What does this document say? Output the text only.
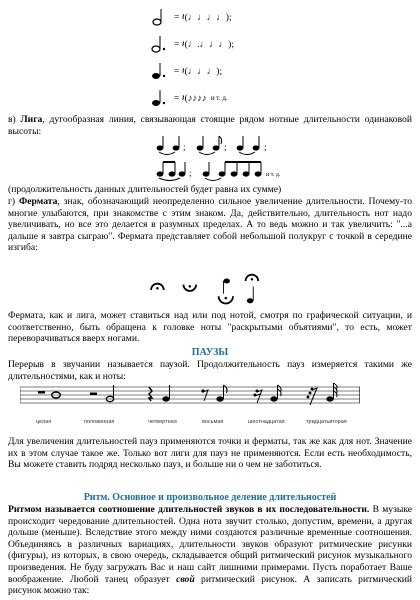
= 𝄽(♩♩♩♩);
= 𝄽(♩.♩♩♩);
= 𝄽(♩♩♩);
= 𝄽(♪♪♪♪ и т. д.

в) Лига, дугообразная линия, связывающая стоящие рядом нотные длительности одинаковой высоты:

;	;	;
;	и т. д.

(продолжительность данных длительностей будет равна их сумме)

г) Фермата, знак, обозначающий неопределенно сильное увеличение длительности. Почему-то многие улыбаются, при знакомстве с этим знаком. Да, действительно, длительность нот надо увеличивать, но все это делается в разумных пределах. А то ведь можно и так увеличить: "...а дальше я завтра сыграю". Фермата представляет собой небольшой полукруг с точкой в середине изгиба:

Фермата, как и лига, может ставиться над или под нотой, смотря по графической ситуации, и соответственно, быть обращена к головке ноты "раскрытыми объятиями", то есть, может переворачиваться вверх ногами.

ПАУЗЫ

Перерыв в звучании называется паузой. Продолжительность пауз измеряется такими же длительностями, как и ноты:

целая	половинная	четвертная	восьмая	шестнадцатая	тридцатьвторая

Для увеличения длительностей пауз применяются точки и ферматы, так же как для нот. Значение их в этом случае такое же. Только вот лиги для пауз не применяются. Если есть необходимость, Вы можете ставить подряд несколько пауз, и больше ни о чем не заботиться.

Ритм. Основное и произвольное деление длительностей

Ритмом называется соотношение длительностей звуков в их последовательности. В музыке происходит чередование длительностей. Одна нота звучит столько, допустим, времени, а другая дольше (меньше). Вследствие этого между ними создаются различные временные соотношения. Объединяясь в различных вариациях, длительности звуков образуют ритмические рисунки (фигуры), из которых, в свою очередь, складывается общий ритмический рисунок музыкального произведения. Не буду загружать Вас и наш сайт лишними примерами. Пусть поработает Ваше воображение. Любой танец образует свой ритмический рисунок. А записать ритмический рисунок можно так:
